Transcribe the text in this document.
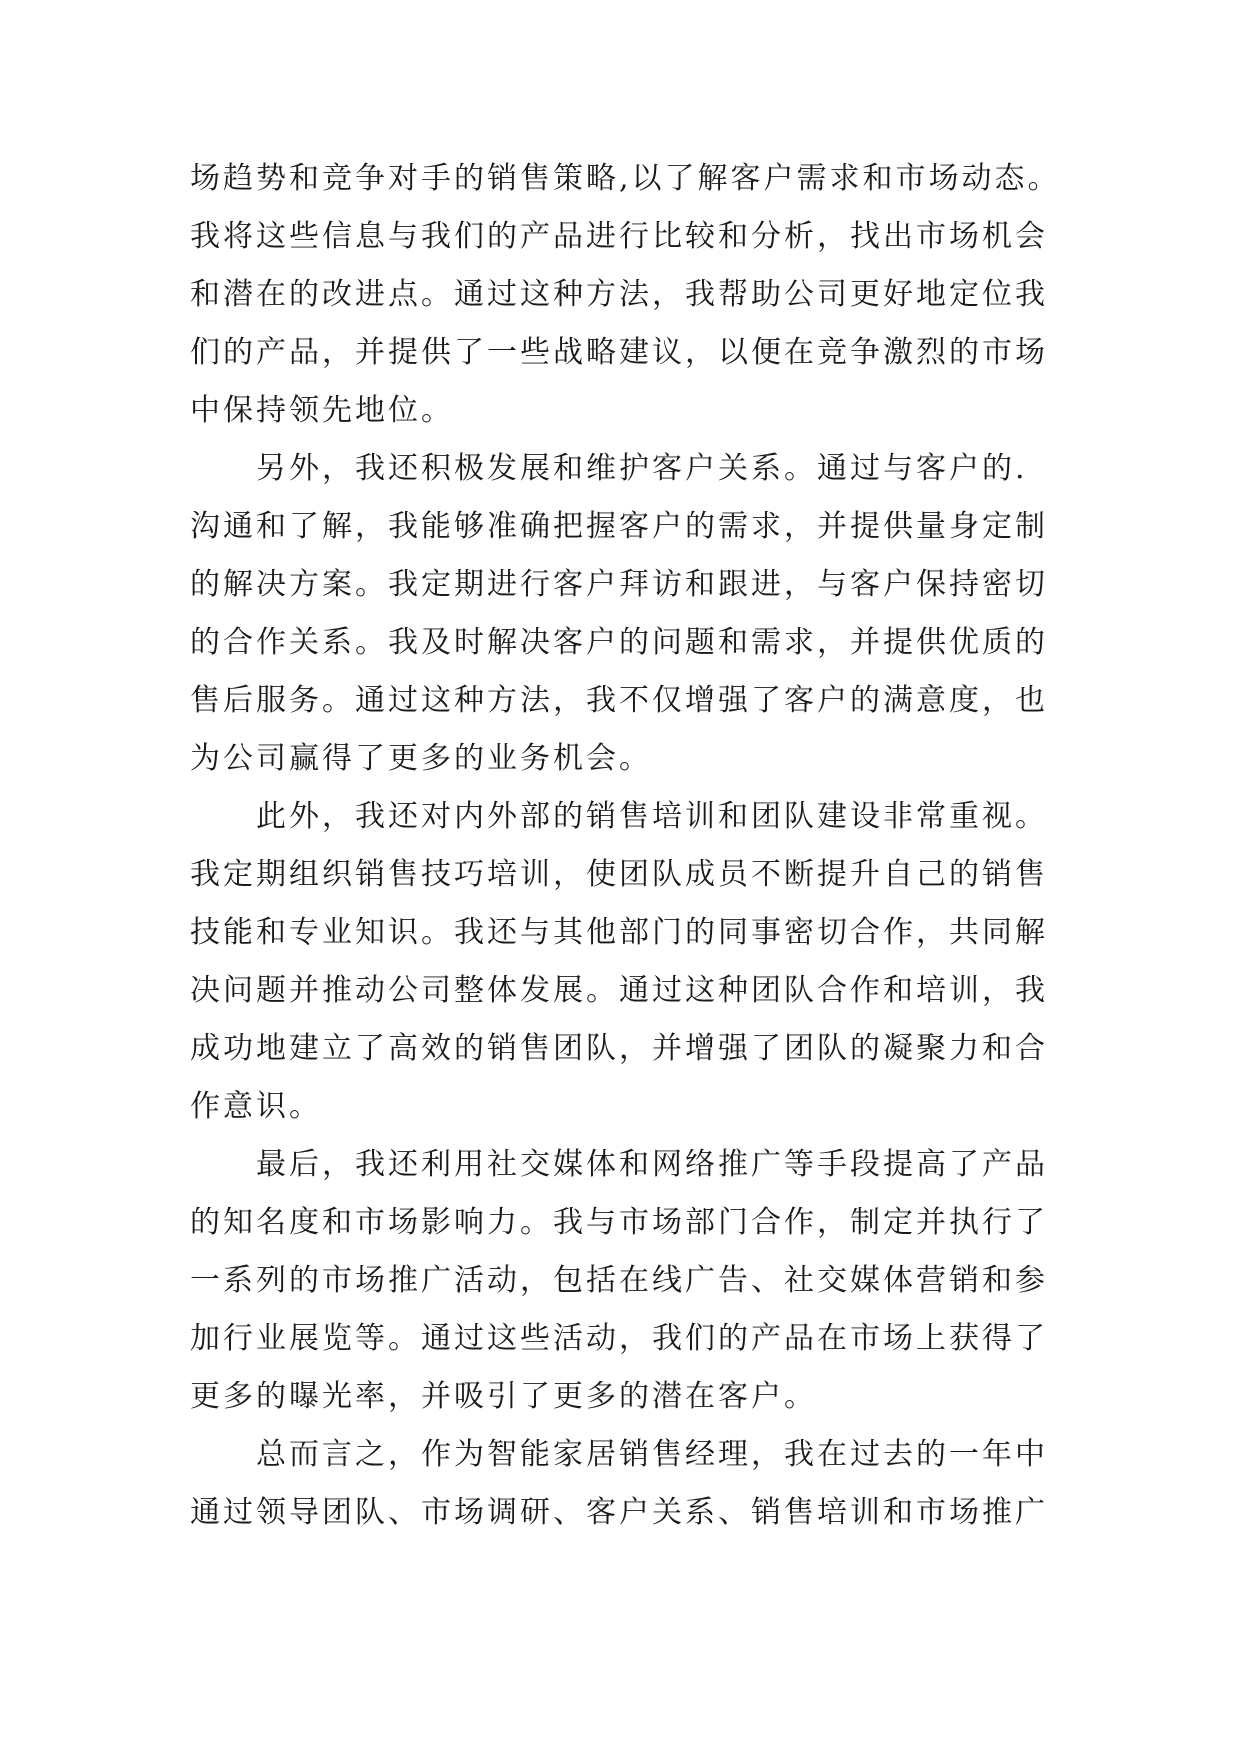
场趋势和竞争对手的销售策略,以了解客户需求和市场动态。
我将这些信息与我们的产品进行比较和分析，找出市场机会
和潜在的改进点。通过这种方法，我帮助公司更好地定位我
们的产品，并提供了一些战略建议，以便在竞争激烈的市场
中保持领先地位。
另外，我还积极发展和维护客户关系。通过与客户的.
沟通和了解，我能够准确把握客户的需求，并提供量身定制
的解决方案。我定期进行客户拜访和跟进，与客户保持密切
的合作关系。我及时解决客户的问题和需求，并提供优质的
售后服务。通过这种方法，我不仅增强了客户的满意度，也
为公司赢得了更多的业务机会。
此外，我还对内外部的销售培训和团队建设非常重视。
我定期组织销售技巧培训，使团队成员不断提升自己的销售
技能和专业知识。我还与其他部门的同事密切合作，共同解
决问题并推动公司整体发展。通过这种团队合作和培训，我
成功地建立了高效的销售团队，并增强了团队的凝聚力和合
作意识。
最后，我还利用社交媒体和网络推广等手段提高了产品
的知名度和市场影响力。我与市场部门合作，制定并执行了
一系列的市场推广活动，包括在线广告、社交媒体营销和参
加行业展览等。通过这些活动，我们的产品在市场上获得了
更多的曝光率，并吸引了更多的潜在客户。
总而言之，作为智能家居销售经理，我在过去的一年中
通过领导团队、市场调研、客户关系、销售培训和市场推广
